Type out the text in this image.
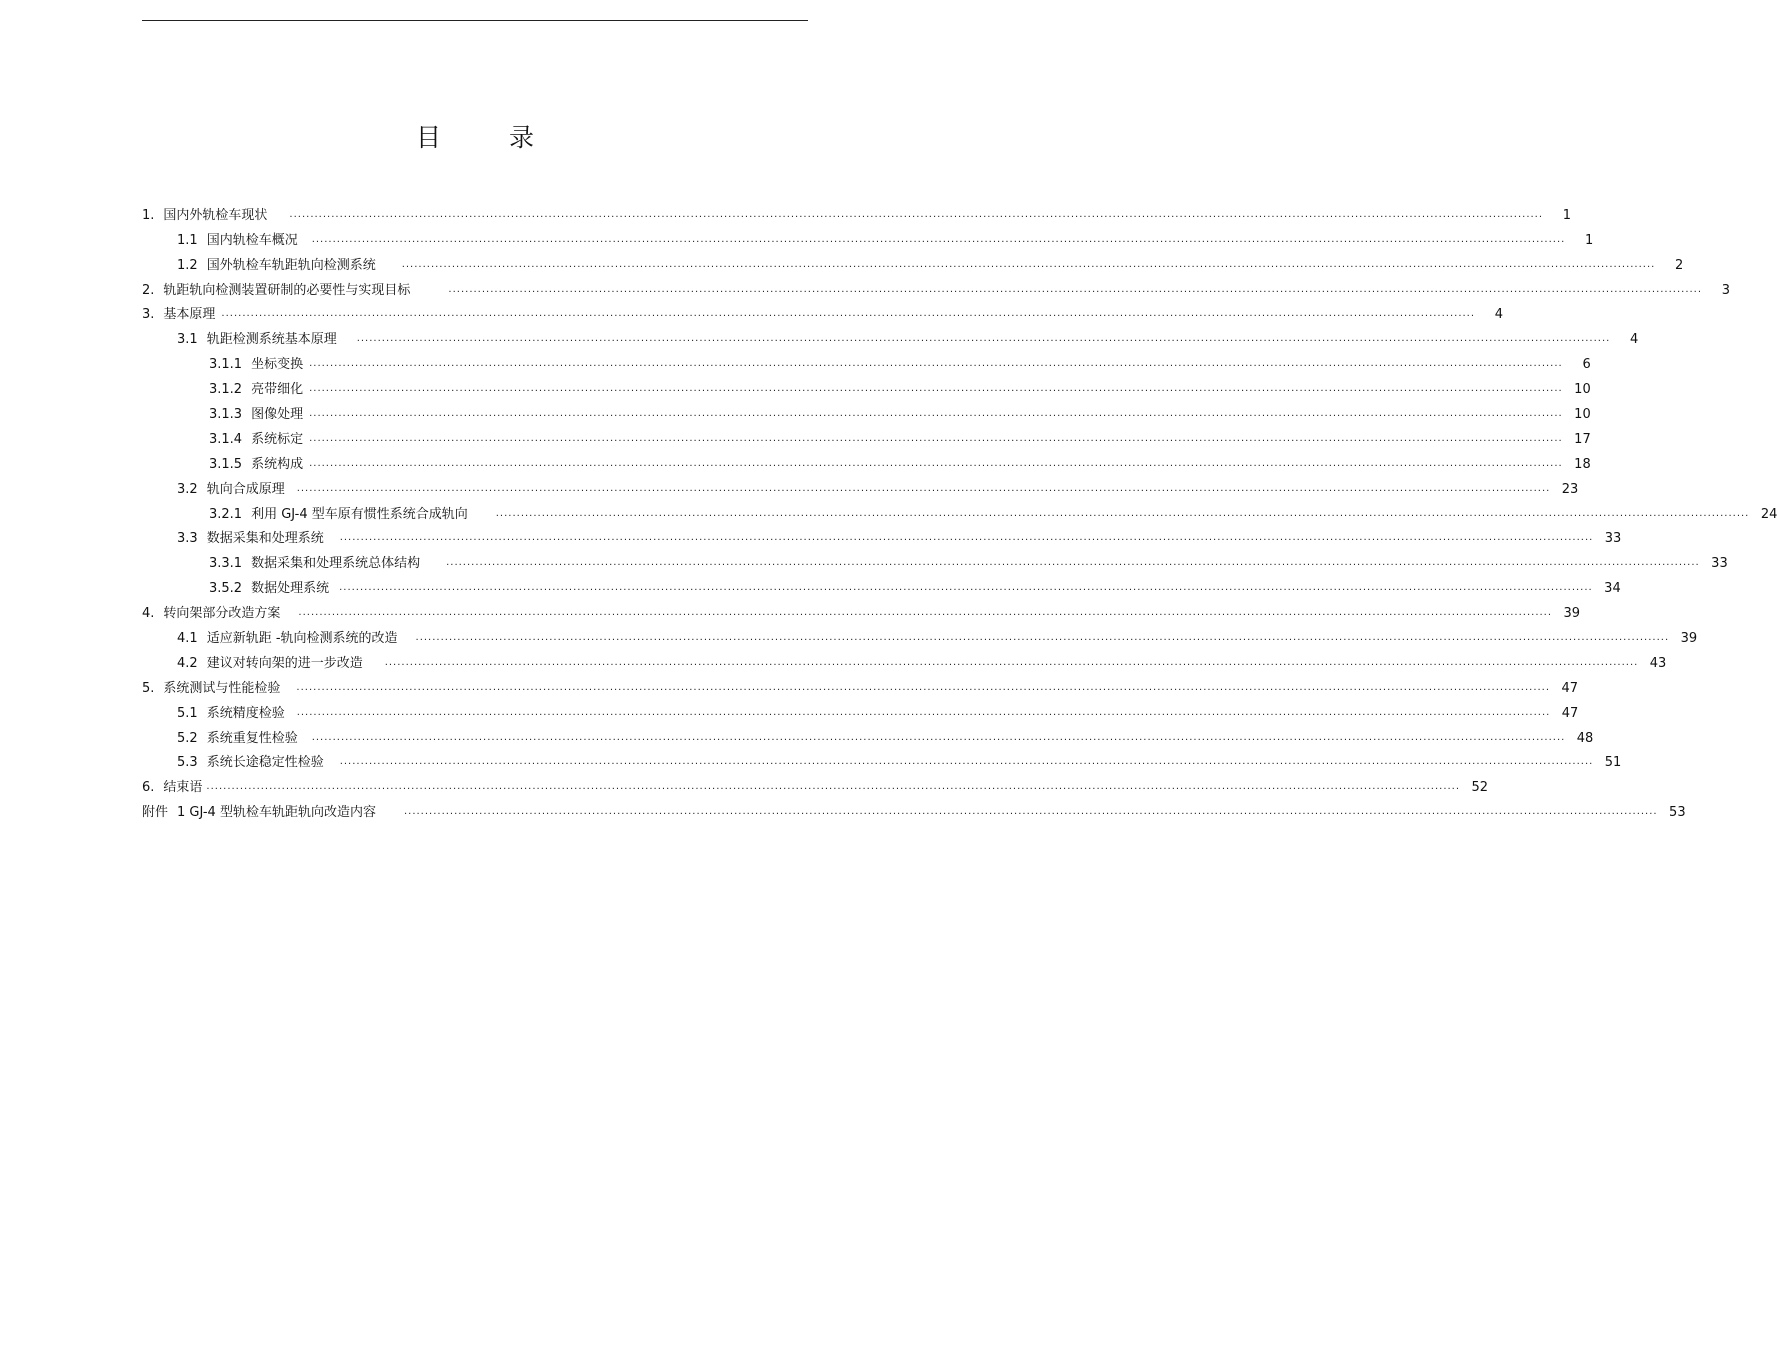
目 录
1. 国内外轨检车现状 ............................................................................................................................................................................................................................................................................................................	1
1.1 国内轨检车概况 ............................................................................................................................................................................................................................................................................................................	1
1.2 国外轨检车轨距轨向检测系统	............................................................................................................................................................................................................................................................................................................	2
2. 轨距轨向检测装置研制的必要性与实现目标	............................................................................................................................................................................................................................................................................................................	3
3. 基本原理 ............................................................................................................................................................................................................................................................................................................	4
3.1 轨距检测系统基本原理 ............................................................................................................................................................................................................................................................................................................	4
3.1.1 坐标变换 ............................................................................................................................................................................................................................................................................................................	6
3.1.2 亮带细化 ............................................................................................................................................................................................................................................................................................................ 10
3.1.3 图像处理 ............................................................................................................................................................................................................................................................................................................ 10
3.1.4 系统标定 ............................................................................................................................................................................................................................................................................................................ 17
3.1.5 系统构成 ............................................................................................................................................................................................................................................................................................................ 18
3.2 轨向合成原理 ............................................................................................................................................................................................................................................................................................................ 23
3.2.1 利用 GJ-4 型车原有惯性系统合成轨向	............................................................................................................................................................................................................................................................................................................ 24
3.3 数据采集和处理系统 ............................................................................................................................................................................................................................................................................................................ 33
3.3.1 数据采集和处理系统总体结构	............................................................................................................................................................................................................................................................................................................ 33
3.5.2 数据处理系统 ............................................................................................................................................................................................................................................................................................................ 34
4. 转向架部分改造方案 ............................................................................................................................................................................................................................................................................................................ 39
4.1 适应新轨距 -轨向检测系统的改造 ............................................................................................................................................................................................................................................................................................................ 39
4.2 建议对转向架的进一步改造 ............................................................................................................................................................................................................................................................................................................ 43
5. 系统测试与性能检验 ............................................................................................................................................................................................................................................................................................................ 47
5.1 系统精度检验 ............................................................................................................................................................................................................................................................................................................ 47
5.2 系统重复性检验 ............................................................................................................................................................................................................................................................................................................ 48
5.3 系统长途稳定性检验 ............................................................................................................................................................................................................................................................................................................ 51
6. 结束语 ............................................................................................................................................................................................................................................................................................................ 52
附件 1 GJ-4 型轨检车轨距轨向改造内容	............................................................................................................................................................................................................................................................................................................ 53
